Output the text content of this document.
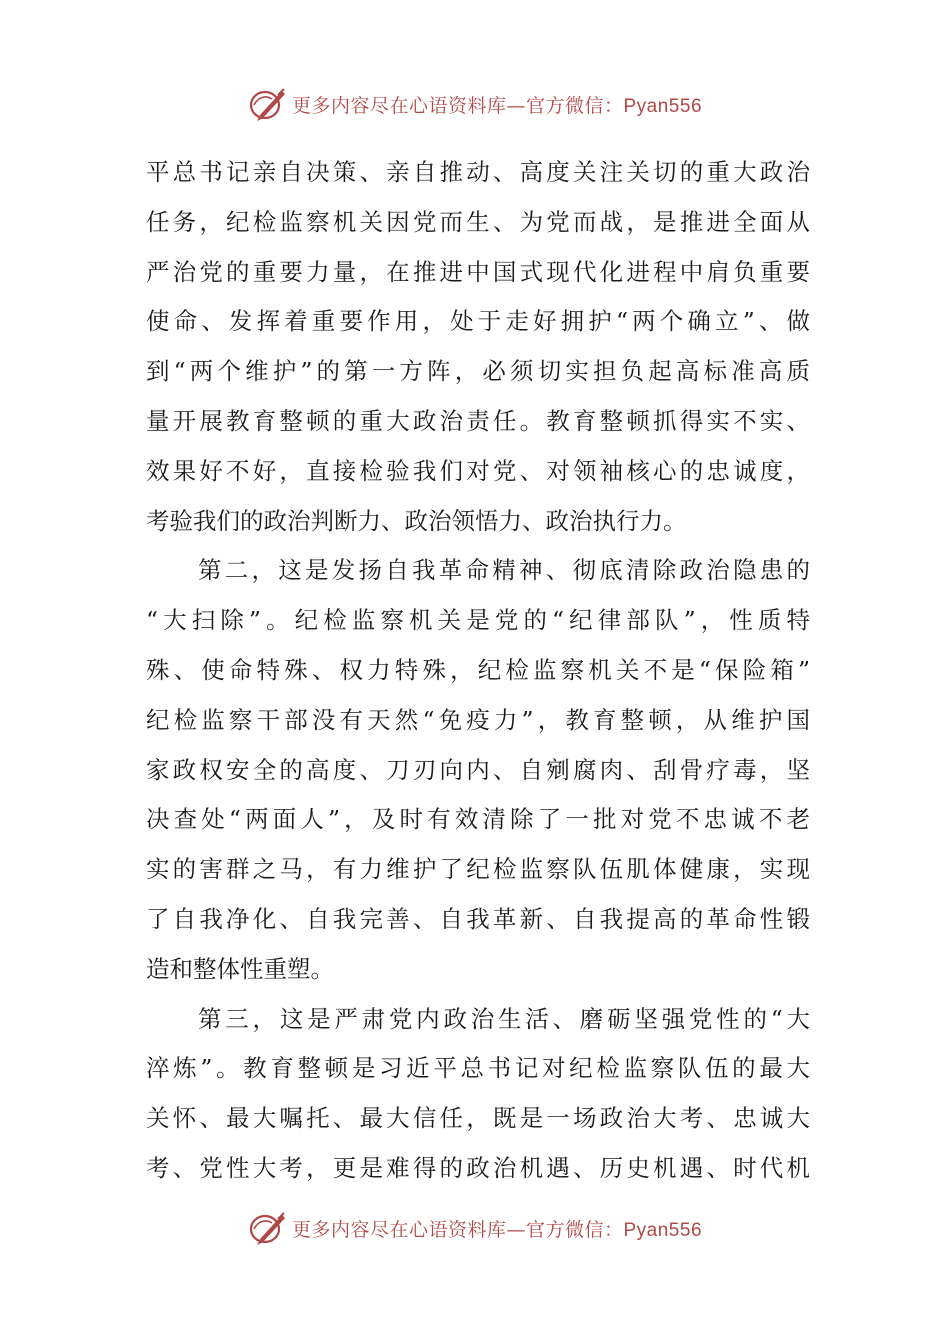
更多内容尽在心语资料库—官方微信：Pyan556
平总书记亲自决策、亲自推动、高度关注关切的重大政治
任务，纪检监察机关因党而生、为党而战，是推进全面从
严治党的重要力量，在推进中国式现代化进程中肩负重要
使命、发挥着重要作用，处于走好拥护“两个确立”、做
到“两个维护”的第一方阵，必须切实担负起高标准高质
量开展教育整顿的重大政治责任。教育整顿抓得实不实、
效果好不好，直接检验我们对党、对领袖核心的忠诚度，
考验我们的政治判断力、政治领悟力、政治执行力。
第二，这是发扬自我革命精神、彻底清除政治隐患的
“大扫除”。纪检监察机关是党的“纪律部队”，性质特
殊、使命特殊、权力特殊，纪检监察机关不是“保险箱”
纪检监察干部没有天然“免疫力”，教育整顿，从维护国
家政权安全的高度、刀刃向内、自剜腐肉、刮骨疗毒，坚
决查处“两面人”，及时有效清除了一批对党不忠诚不老
实的害群之马，有力维护了纪检监察队伍肌体健康，实现
了自我净化、自我完善、自我革新、自我提高的革命性锻
造和整体性重塑。
第三，这是严肃党内政治生活、磨砺坚强党性的“大
淬炼”。教育整顿是习近平总书记对纪检监察队伍的最大
关怀、最大嘱托、最大信任，既是一场政治大考、忠诚大
考、党性大考，更是难得的政治机遇、历史机遇、时代机
更多内容尽在心语资料库—官方微信：Pyan556
